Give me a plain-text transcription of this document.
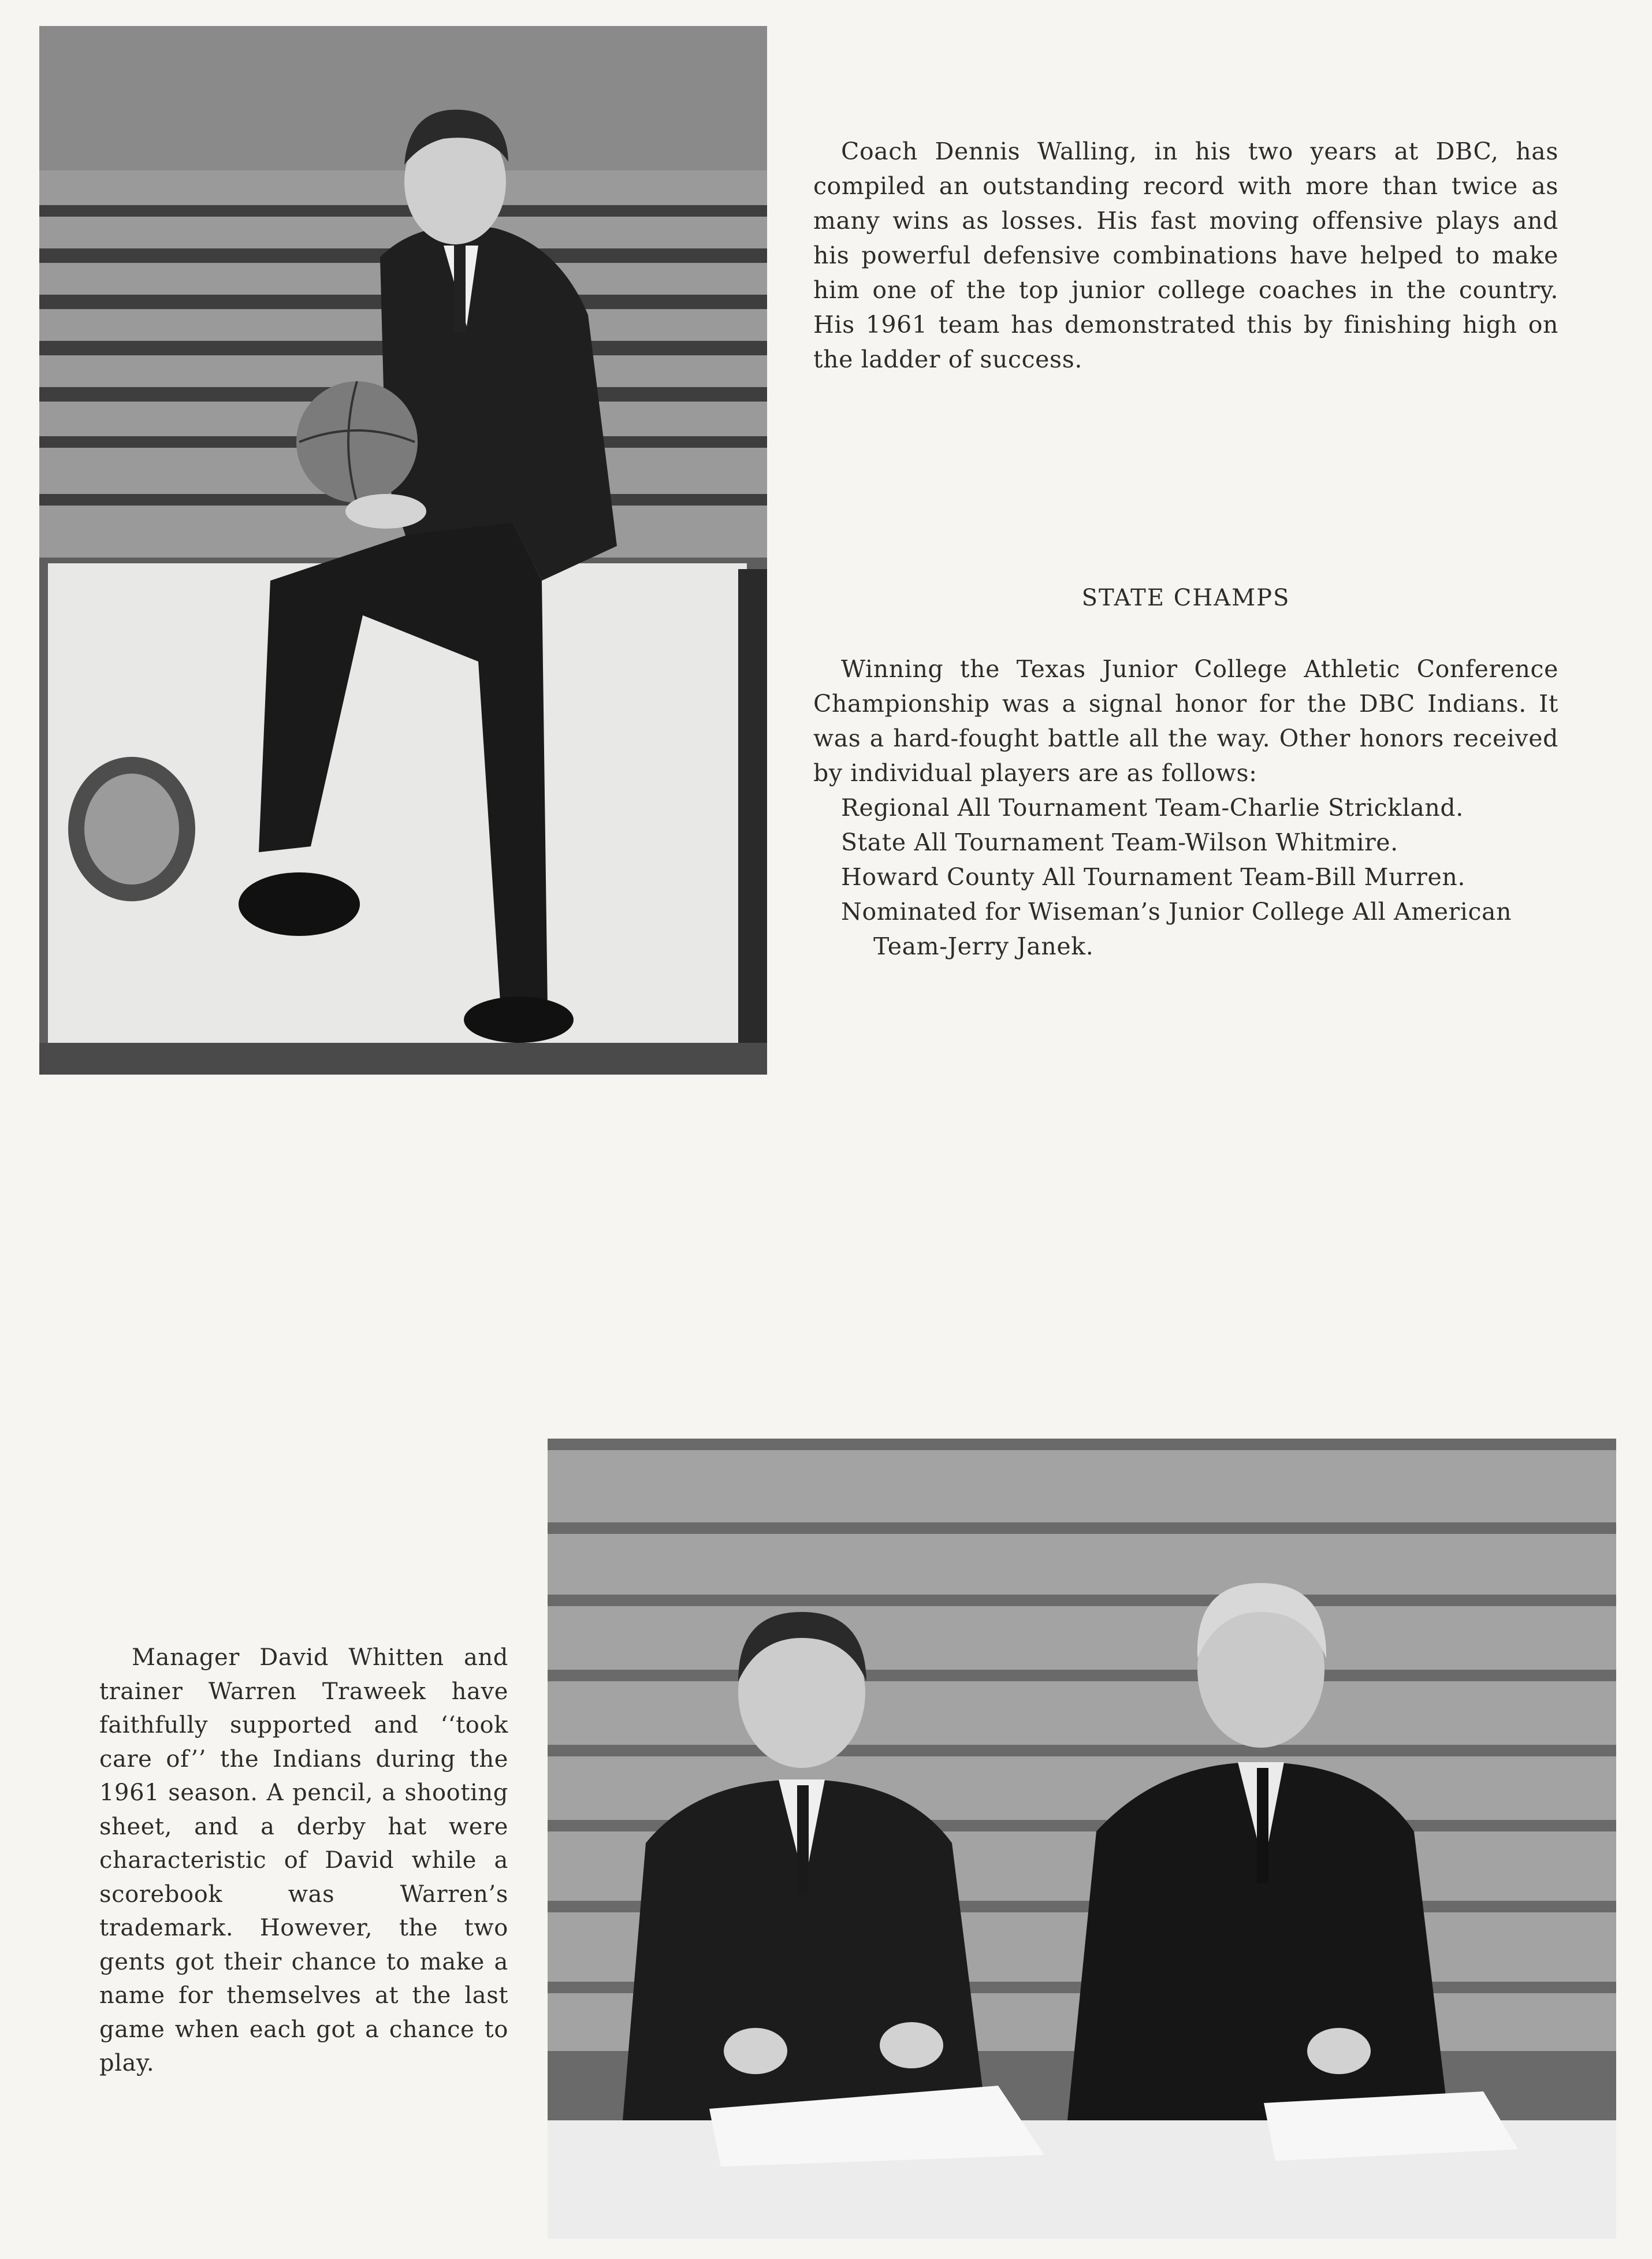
Coach Dennis Walling, in his two years at DBC, has compiled an outstanding record with more than twice as many wins as losses. His fast moving offensive plays and his powerful defensive combinations have helped to make him one of the top junior college coaches in the country. His 1961 team has demonstrated this by finishing high on the ladder of success.

STATE CHAMPS

Winning the Texas Junior College Athletic Conference Championship was a signal honor for the DBC Indians. It was a hard-fought battle all the way. Other honors received by individual players are as follows:

Regional All Tournament Team-Charlie Strickland.
State All Tournament Team-Wilson Whitmire.
Howard County All Tournament Team-Bill Murren.
Nominated for Wiseman’s Junior College All American
Team-Jerry Janek.

Manager David Whitten and trainer Warren Traweek have faithfully supported and ‘‘took care of’’ the Indians during the 1961 season. A pencil, a shooting sheet, and a derby hat were characteristic of David while a scorebook was Warren’s trademark. However, the two gents got their chance to make a name for themselves at the last game when each got a chance to play.
